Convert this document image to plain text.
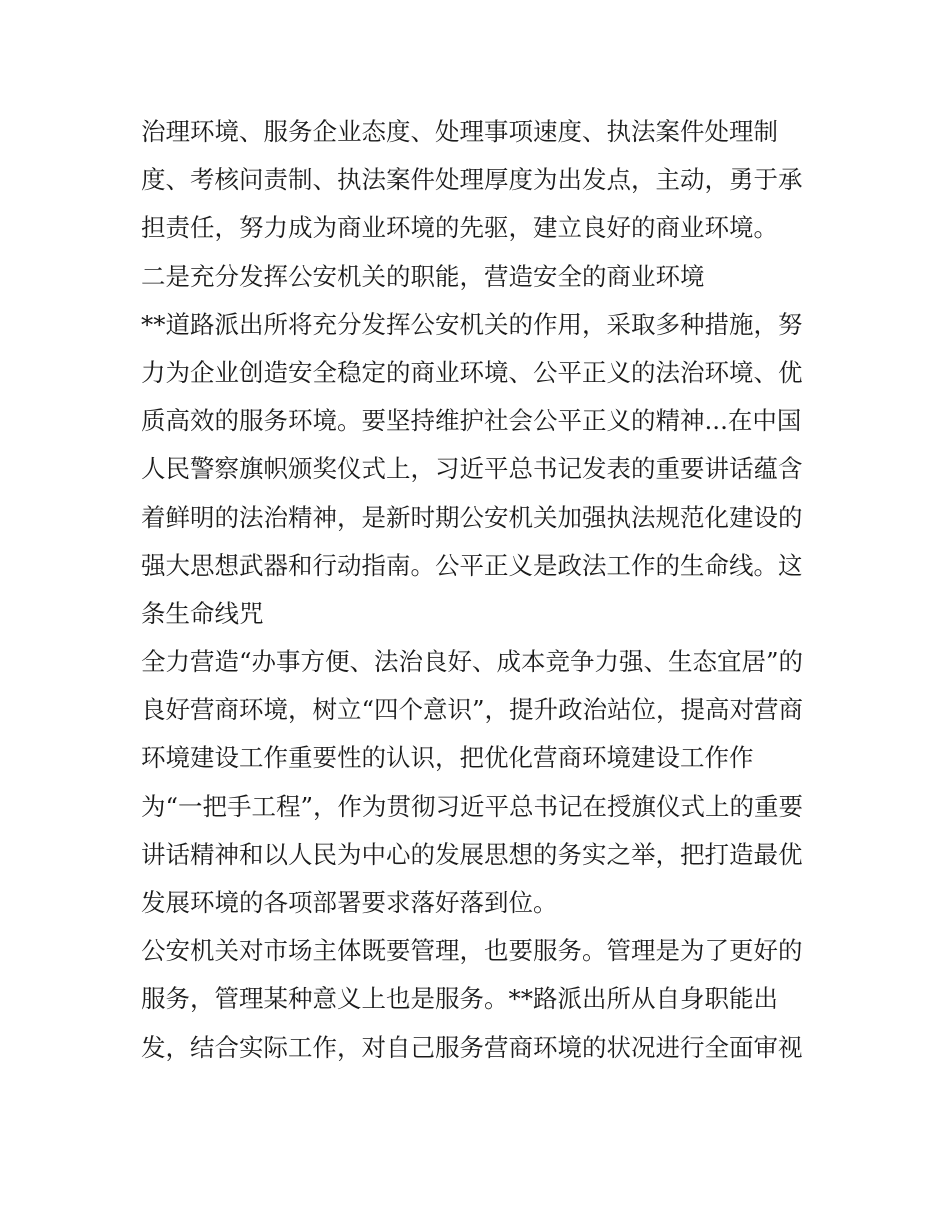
治理环境、服务企业态度、处理事项速度、执法案件处理制
度、考核问责制、执法案件处理厚度为出发点，主动，勇于承
担责任，努力成为商业环境的先驱，建立良好的商业环境。
二是充分发挥公安机关的职能，营造安全的商业环境
**道路派出所将充分发挥公安机关的作用，采取多种措施，努
力为企业创造安全稳定的商业环境、公平正义的法治环境、优
质高效的服务环境。要坚持维护社会公平正义的精神...在中国
人民警察旗帜颁奖仪式上，习近平总书记发表的重要讲话蕴含
着鲜明的法治精神，是新时期公安机关加强执法规范化建设的
强大思想武器和行动指南。公平正义是政法工作的生命线。这
条生命线咒
全力营造“办事方便、法治良好、成本竞争力强、生态宜居”的
良好营商环境，树立“四个意识”，提升政治站位，提高对营商
环境建设工作重要性的认识，把优化营商环境建设工作作
为“一把手工程”，作为贯彻习近平总书记在授旗仪式上的重要
讲话精神和以人民为中心的发展思想的务实之举，把打造最优
发展环境的各项部署要求落好落到位。
公安机关对市场主体既要管理，也要服务。管理是为了更好的
服务，管理某种意义上也是服务。**路派出所从自身职能出
发，结合实际工作，对自己服务营商环境的状况进行全面审视
